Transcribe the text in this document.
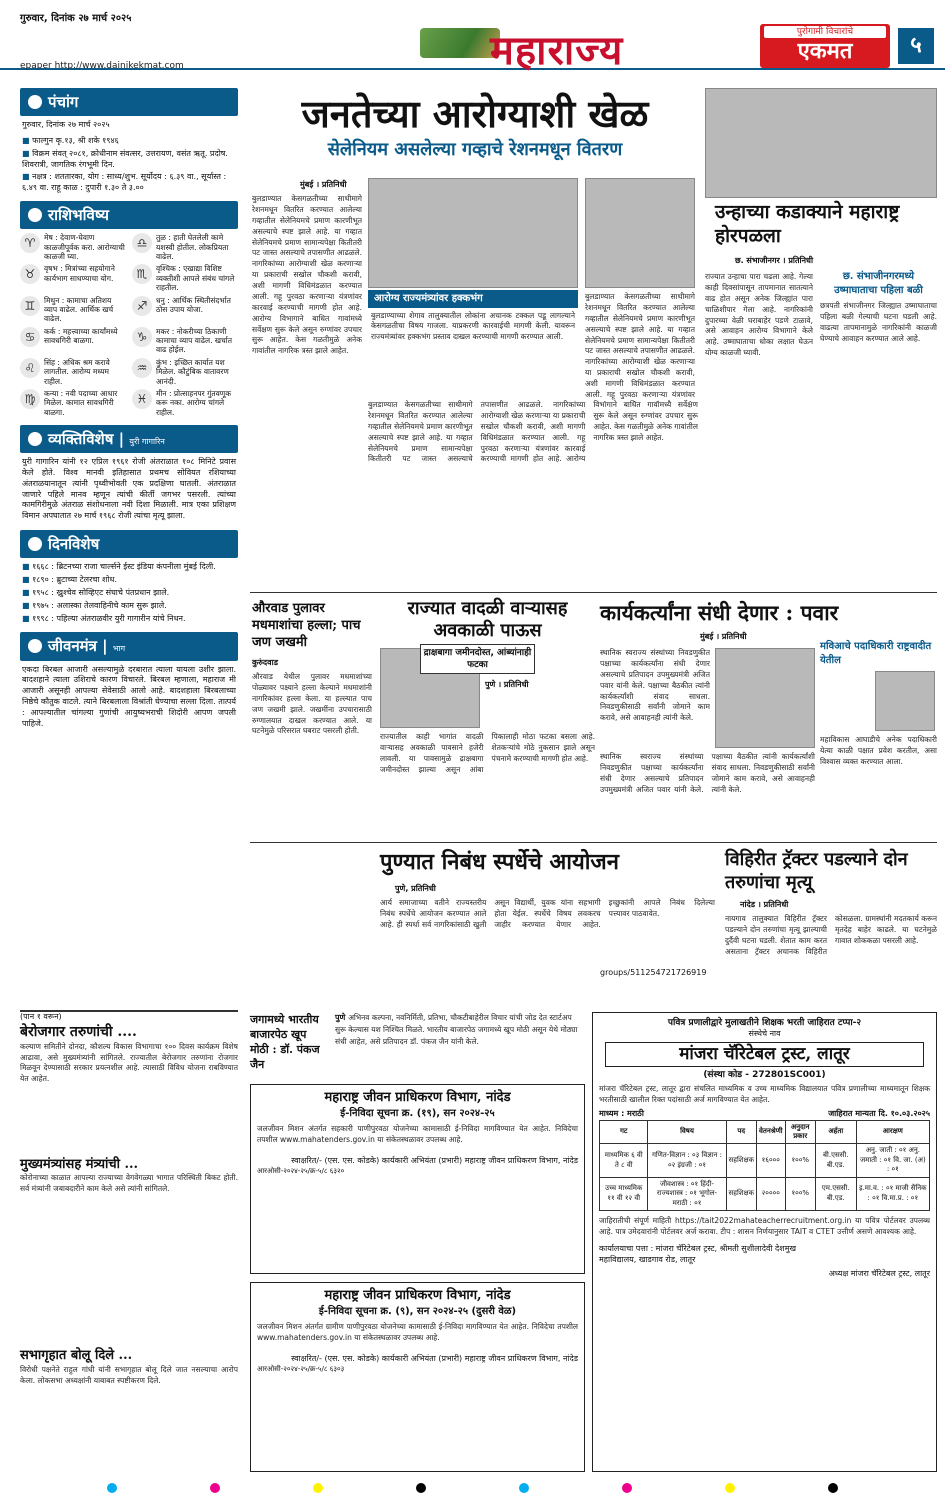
गुरुवार, दिनांक २७ मार्च २०२५
epaper http://www.dainikekmat.com	महाराज्य	पुरोगामी विचारांचे
एकमत	५
पंचांग
गुरुवार, दिनांक २७ मार्च २०२५
■ फाल्गुन कृ.१३, श्री शके १९४६
■ विक्रम संवत् २०८१, क्रोधीनाम संवत्सर, उत्तरायण, वसंत ऋतू. प्रदोष. शिवरात्री, जागतिक रंगभूमी दिन.
■ नक्षत्र : शततारका, योग : साध्य/शुभ. सूर्योदय : ६.३९ वा., सूर्यास्त : ६.४९ वा. राहू काळ : दुपारी १.३० ते ३.००
राशिभविष्य
♈	मेष : देवाण-घेवाण काळजीपूर्वक करा. आरोग्याची काळजी घ्या.
♎	तुळ : हाती घेतलेली कामे यशस्वी होतील. लोकप्रियता वाढेल.
♉	वृषभ : मित्रांच्या सहयोगाने कार्यभाग साधण्याचा योग.	♏	वृश्चिक : एखाद्या विशिष्ट व्यक्तीशी आपले संबंध चांगले राहतील.
♊	मिथुन : कामाचा अतिशय व्याप वाढेल. आर्थिक खर्च वाढेल.
♐	धनु : आर्थिक स्थितीसंदर्भात ठोस उपाय योजा.
♋	कर्क : महत्त्वाच्या कार्यांमध्ये सावधगिरी बाळगा.	♑	मकर : नोकरीच्या ठिकाणी कामाचा व्याप वाढेल. खर्चात वाढ होईल.
♌	सिंह : अधिक श्रम करावे लागतील. आरोग्य मध्यम राहील.
♒	कुंभ : इच्छित कार्यात यश मिळेल. कौटुंबिक वातावरण आनंदी.
♍	कन्या : नवी पदाच्या आधार मिळेल. कामात सावधगिरी बाळगा.
♓	मीन : प्रोत्साहनपर गुंतवणूक करू नका. आरोग्य चांगले राहील.
व्यक्तिविशेष | युरी गागारिन
युरी गागारिन यांनी १२ एप्रिल १९६१ रोजी अंतराळात १०८ मिनिटे प्रवास केले होते. विश्व मानवी इतिहासात प्रथमच सोवियत रशियाच्या अंतराळयानातून त्यांनी पृथ्वीभोवती एक प्रदक्षिणा घातली. अंतराळात जाणारे पहिले मानव म्हणून त्यांची कीर्ती जगभर पसरली. त्यांच्या कामगिरीमुळे अंतराळ संशोधनाला नवी दिशा मिळाली. मात्र एका प्रशिक्षण विमान अपघातात २७ मार्च १९६८ रोजी त्यांचा मृत्यू झाला.
दिनविशेष
■ १६६८ : ब्रिटनच्या राजा चार्ल्सने ईस्ट इंडिया कंपनीला मुंबई दिली.
■ १८९० : ब्रुटाच्या टेलरचा शोध.
■ १९५८ : ख्रुश्चेव सोव्हिएट संघाचे पंतप्रधान झाले.
■ १९७५ : अलास्का तेलवाहिनीचे काम सुरू झाले.
■ १९९८ : पहिल्या अंतराळवीर युरी गागारीन यांचे निधन.
जीवनमंत्र | भाग
एकदा बिरबल आजारी असल्यामुळे दरबारात त्याला यायला उशीर झाला. बादशहाने त्याला उशिराचे कारण विचारले. बिरबल म्हणाला, महाराज मी आजारी असूनही आपल्या सेवेसाठी आलो आहे. बादशहाला बिरबलाच्या निष्ठेचे कौतुक वाटले. त्याने बिरबलाला विश्रांती घेण्याचा सल्ला दिला. तात्पर्य : आपल्यातील चांगल्या गुणांची आयुष्यभराची शिदोरी आपण जपली पाहिजे.
जनतेच्या आरोग्याशी खेळ
सेलेनियम असलेल्या गव्हाचे रेशनमधून वितरण
मुंबई । प्रतिनिधी
बुलडाण्यात केसगळतीच्या साथीमागे रेशनमधून वितरित करण्यात आलेल्या गव्हातील सेलेनियमचे प्रमाण कारणीभूत असल्याचे स्पष्ट झाले आहे. या गव्हात सेलेनियमचे प्रमाण सामान्यपेक्षा कितीतरी पट जास्त असल्याचे तपासणीत आढळले. नागरिकांच्या आरोग्याशी खेळ करणाऱ्या या प्रकाराची सखोल चौकशी करावी, अशी मागणी विधिमंडळात करण्यात आली. गहू पुरवठा करणाऱ्या यंत्रणांवर कारवाई करण्याची मागणी होत आहे. आरोग्य विभागाने बाधित गावांमध्ये सर्वेक्षण सुरू केले असून रुग्णांवर उपचार सुरू आहेत. केस गळतीमुळे अनेक गावांतील नागरिक त्रस्त झाले आहेत.
आरोग्य राज्यमंत्र्यांवर हक्कभंग
बुलडाण्याच्या शेगाव तालुक्यातील लोकांना अचानक टक्कल पडू लागल्याने केसगळतीचा विषय गाजला. याप्रकरणी कारवाईची मागणी केली. यावरून राज्यमंत्र्यांवर हक्कभंग प्रस्ताव दाखल करण्याची मागणी करण्यात आली.
बुलडाण्यात केसगळतीच्या साथीमागे रेशनमधून वितरित करण्यात आलेल्या गव्हातील सेलेनियमचे प्रमाण कारणीभूत असल्याचे स्पष्ट झाले आहे. या गव्हात सेलेनियमचे प्रमाण सामान्यपेक्षा कितीतरी पट जास्त असल्याचे तपासणीत आढळले. नागरिकांच्या आरोग्याशी खेळ करणाऱ्या या प्रकाराची सखोल चौकशी करावी, अशी मागणी विधिमंडळात करण्यात आली. गहू पुरवठा करणाऱ्या यंत्रणांवर कारवाई करण्याची मागणी होत आहे. आरोग्य विभागाने बाधित गावांमध्ये सर्वेक्षण सुरू केले असून रुग्णांवर उपचार सुरू आहेत. केस गळतीमुळे अनेक गावांतील नागरिक त्रस्त झाले आहेत.
बुलडाण्यात केसगळतीच्या साथीमागे रेशनमधून वितरित करण्यात आलेल्या गव्हातील सेलेनियमचे प्रमाण कारणीभूत असल्याचे स्पष्ट झाले आहे. या गव्हात सेलेनियमचे प्रमाण सामान्यपेक्षा कितीतरी पट जास्त असल्याचे तपासणीत आढळले. नागरिकांच्या आरोग्याशी खेळ करणाऱ्या या प्रकाराची सखोल चौकशी करावी, अशी मागणी विधिमंडळात करण्यात आली. गहू पुरवठा करणाऱ्या यंत्रणांवर
उन्हाच्या कडाक्याने महाराष्ट्र होरपळला
छ. संभाजीनगर । प्रतिनिधी
राज्यात उन्हाचा पारा चढला आहे. गेल्या काही दिवसांपासून तापमानात सातत्याने वाढ होत असून अनेक जिल्ह्यांत पारा चाळिशीपार गेला आहे. नागरिकांनी दुपारच्या वेळी घराबाहेर पडणे टाळावे, असे आवाहन आरोग्य विभागाने केले आहे. उष्माघाताचा धोका लक्षात घेऊन योग्य काळजी घ्यावी.
छ. संभाजीनगरमध्ये उष्माघाताचा पहिला बळी
छत्रपती संभाजीनगर जिल्ह्यात उष्माघाताचा पहिला बळी गेल्याची घटना घडली आहे. वाढत्या तापमानामुळे नागरिकांनी काळजी घेण्याचे आवाहन करण्यात आले आहे.
औरवाड पुलावर मधमाशांचा हल्ला; पाच जण जखमी
कुरुंदवाड
औरवाड येथील पुलावर मधमाशांच्या पोळ्यावर पक्ष्याने हल्ला केल्याने मधमाशांनी नागरिकांवर हल्ला केला. या हल्ल्यात पाच जण जखमी झाले. जखमींना उपचारासाठी रुग्णालयात दाखल करण्यात आले. या घटनेमुळे परिसरात घबराट पसरली होती.
राज्यात वादळी वाऱ्यासह अवकाळी पाऊस
द्राक्षबागा जमीनदोस्त, आंब्यांनाही फटका
पुणे । प्रतिनिधी
राज्यातील काही भागांत वादळी वाऱ्यासह अवकाळी पावसाने हजेरी लावली. या पावसामुळे द्राक्षबागा जमीनदोस्त झाल्या असून आंबा पिकालाही मोठा फटका बसला आहे. शेतकऱ्यांचे मोठे नुकसान झाले असून पंचनामे करण्याची मागणी होत आहे.
कार्यकर्त्यांना संधी देणार : पवार
मुंबई । प्रतिनिधी
स्थानिक स्वराज्य संस्थांच्या निवडणुकीत पक्षाच्या कार्यकर्त्यांना संधी देणार असल्याचे प्रतिपादन उपमुख्यमंत्री अजित पवार यांनी केले. पक्षाच्या बैठकीत त्यांनी कार्यकर्त्यांशी संवाद साधला. निवडणुकीसाठी सर्वांनी जोमाने काम करावे, असे आवाहनही त्यांनी केले.
स्थानिक स्वराज्य संस्थांच्या निवडणुकीत पक्षाच्या कार्यकर्त्यांना संधी देणार असल्याचे प्रतिपादन उपमुख्यमंत्री अजित पवार यांनी केले. पक्षाच्या बैठकीत त्यांनी कार्यकर्त्यांशी संवाद साधला. निवडणुकीसाठी सर्वांनी जोमाने काम करावे, असे आवाहनही त्यांनी केले.
मविआचे पदाधिकारी राष्ट्रवादीत येतील
महाविकास आघाडीचे अनेक पदाधिकारी येत्या काळी पक्षात प्रवेश करतील, असा विश्वास व्यक्त करण्यात आला.
पुण्यात निबंध स्पर्धेचे आयोजन
पुणे, प्रतिनिधी
आर्य समाजाच्या वतीने राज्यस्तरीय निबंध स्पर्धेचे आयोजन करण्यात आले आहे. ही स्पर्धा सर्व नागरिकांसाठी खुली असून विद्यार्थी, युवक यांना सहभागी होता येईल. स्पर्धेचे विषय लवकरच जाहीर करण्यात येणार आहेत. इच्छुकांनी आपले निबंध दिलेल्या पत्त्यावर पाठवावेत.
groups/511254721726919
विहिरीत ट्रॅक्टर पडल्याने दोन तरुणांचा मृत्यू
नांदेड । प्रतिनिधी
नायगाव तालुक्यात विहिरीत ट्रॅक्टर पडल्याने दोन तरुणांचा मृत्यू झाल्याची दुर्दैवी घटना घडली. शेतात काम करत असताना ट्रॅक्टर अचानक विहिरीत कोसळला. ग्रामस्थांनी मदतकार्य करून मृतदेह बाहेर काढले. या घटनेमुळे गावात शोककळा पसरली आहे.
(पान १ वरून)
बेरोजगार तरुणांची ....
कल्याण समितीने दोनदा, कौशल्य विकास विभागाचा १०० दिवस कार्यक्रम विशेष आढावा, असे मुख्यमंत्र्यांनी सांगितले. राज्यातील बेरोजगार तरुणांना रोजगार मिळवून देण्यासाठी सरकार प्रयत्नशील आहे. त्यासाठी विविध योजना राबविण्यात येत आहेत.
मुख्यमंत्र्यांसह मंत्र्यांची ...
कोरोनाच्या काळात आपल्या राज्याच्या वेगवेगळ्या भागात परिस्थिती बिकट होती. सर्व मंत्र्यांनी जबाबदारीने काम केले असे त्यांनी सांगितले.
सभागृहात बोलू दिले ...
विरोधी पक्षनेते राहुल गांधी यांनी सभागृहात बोलू दिले जात नसल्याचा आरोप केला. लोकसभा अध्यक्षांनी याबाबत स्पष्टीकरण दिले.
जगामध्ये भारतीय बाजारपेठ खूप मोठी : डॉ. पंकज जैन
पुणे अभिनव कल्पना, नवनिर्मिती, प्रतिभा, चौकटीबाहेरील विचार यांची जोड देत स्टार्टअप सुरू केल्यास यश निश्चित मिळते. भारतीय बाजारपेठ जगामध्ये खूप मोठी असून येथे मोठ्या संधी आहेत, असे प्रतिपादन डॉ. पंकज जैन यांनी केले.
महाराष्ट्र जीवन प्राधिकरण विभाग, नांदेड
ई-निविदा सूचना क्र. (१९), सन २०२४-२५
जलजीवन मिशन अंतर्गत सहकारी पाणीपुरवठा योजनेच्या कामासाठी ई-निविदा मागविण्यात येत आहेत. निविदेचा तपशील www.mahatenders.gov.in या संकेतस्थळावर उपलब्ध आहे.
स्वाक्षरित/- (एस. एस. कोडके) कार्यकारी अभियंता (प्रभारी) महाराष्ट्र जीवन प्राधिकरण विभाग, नांदेड
आरओसी-२०२४-२५/क्र-५/८ ६३२०
महाराष्ट्र जीवन प्राधिकरण विभाग, नांदेड
ई-निविदा सूचना क्र. (९), सन २०२४-२५ (दुसरी वेळ)
जलजीवन मिशन अंतर्गत ग्रामीण पाणीपुरवठा योजनेच्या कामासाठी ई-निविदा मागविण्यात येत आहेत. निविदेचा तपशील www.mahatenders.gov.in या संकेतस्थळावर उपलब्ध आहे.
स्वाक्षरित/- (एस. एस. कोडके) कार्यकारी अभियंता (प्रभारी) महाराष्ट्र जीवन प्राधिकरण विभाग, नांदेड
आरओसी-२०२४-२५/क्र-५/८ ६३०३
पवित्र प्रणालीद्वारे मुलाखतीने शिक्षक भरती जाहिरात टप्पा-२
संस्थेचे नाव
मांजरा चॅरिटेबल ट्रस्ट, लातूर
(संस्था कोड - 272801SC001)
मांजरा चॅरिटेबल ट्रस्ट, लातूर द्वारा संचलित माध्यमिक व उच्च माध्यमिक विद्यालयात पवित्र प्रणालीच्या माध्यमातून शिक्षक भरतीसाठी खालील रिक्त पदांसाठी अर्ज मागविण्यात येत आहेत.
माध्यम : मराठी	जाहिरात मान्यता दि. १०.०३.२०२५
गट	विषय	पद	वेतनश्रेणी	अनुदान प्रकार	अर्हता	आरक्षण
माध्यमिक ६ वी ते ८ वी	गणित-विज्ञान : ०३ विज्ञान : ०२ इंग्रजी : ०१	सहशिक्षक	१६०००	१००%	बी.एससी. बी.एड.	अनु. जाती : ०१ अनु. जमाती : ०१ वि. जा. (अ) : ०१
उच्च माध्यमिक ११ वी १२ वी	जीवशास्त्र : ०१ हिंदी-राज्यशास्त्र : ०१ भूगोल-मराठी : ०१	सहशिक्षक	२००००	१००%	एम.एससी. बी.एड.	इ.मा.व. : ०१ माजी सैनिक : ०१ वि.मा.प्र. : ०१
जाहिरातीची संपूर्ण माहिती https://tait2022mahateacherrecruitment.org.in या पवित्र पोर्टलवर उपलब्ध आहे. पात्र उमेदवारांनी पोर्टलवर अर्ज करावा. टीप : शासन निर्णयानुसार TAIT व CTET उत्तीर्ण असणे आवश्यक आहे.
कार्यालयाचा पत्ता : मांजरा चॅरिटेबल ट्रस्ट, श्रीमती सुशीलादेवी देशमुख महाविद्यालय, खाडगाव रोड, लातूर
अध्यक्ष मांजरा चॅरिटेबल ट्रस्ट, लातूर
